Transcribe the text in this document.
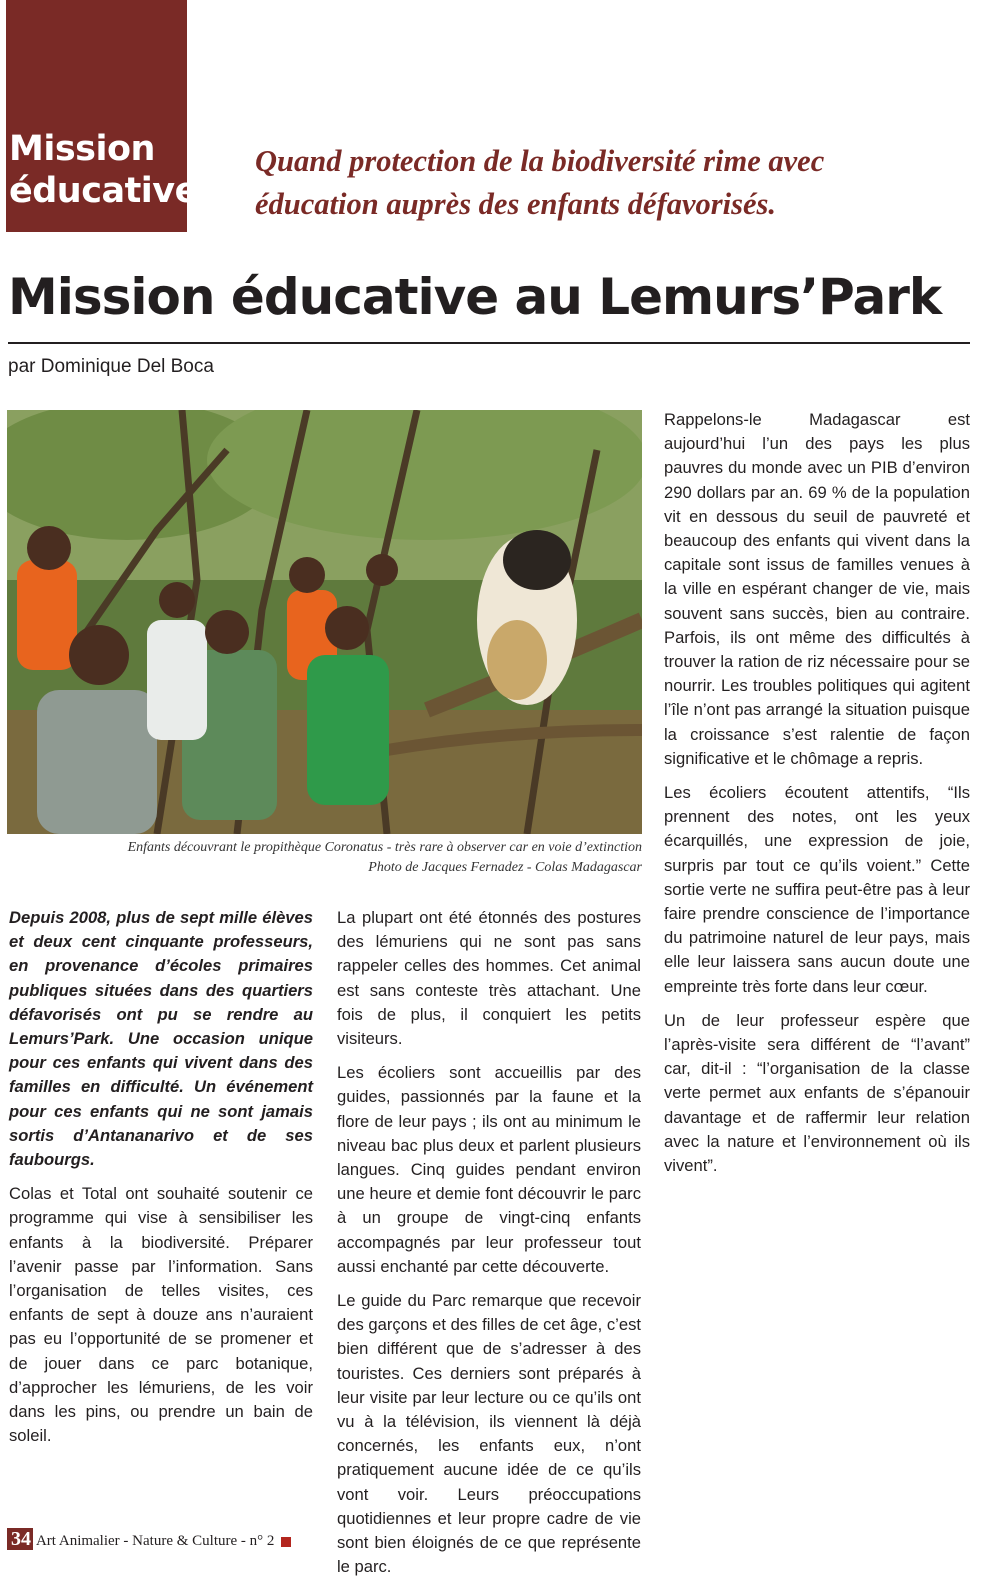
Mission
éducative
Quand protection de la biodiversité rime avec
éducation auprès des enfants défavorisés.
Mission éducative au Lemurs’Park
par Dominique Del Boca
Enfants découvrant le propithèque Coronatus - très rare à observer car en voie d’extinction
Photo de Jacques Fernadez - Colas Madagascar

Depuis 2008, plus de sept mille élèves et deux cent cinquante professeurs, en provenance d’écoles primaires publiques situées dans des quartiers défavorisés ont pu se rendre au Lemurs’Park. Une occasion unique pour ces enfants qui vivent dans des familles en difficulté. Un événement pour ces enfants qui ne sont jamais sortis d’Antananarivo et de ses faubourgs.

Colas et Total ont souhaité soutenir ce programme qui vise à sensibiliser les enfants à la biodiversité. Préparer l’avenir passe par l’information. Sans l’organisation de telles visites, ces enfants de sept à douze ans n’auraient pas eu l’opportunité de se promener et de jouer dans ce parc botanique, d’approcher les lémuriens, de les voir dans les pins, ou prendre un bain de soleil.

La plupart ont été étonnés des postures des lémuriens qui ne sont pas sans rappeler celles des hommes. Cet animal est sans conteste très attachant. Une fois de plus, il conquiert les petits visiteurs.

Les écoliers sont accueillis par des guides, passionnés par la faune et la flore de leur pays ; ils ont au minimum le niveau bac plus deux et parlent plusieurs langues. Cinq guides pendant environ une heure et demie font découvrir le parc à un groupe de vingt-cinq enfants accompagnés par leur professeur tout aussi enchanté par cette découverte.

Le guide du Parc remarque que recevoir des garçons et des filles de cet âge, c’est bien différent que de s’adresser à des touristes. Ces derniers sont préparés à leur visite par leur lecture ou ce qu’ils ont vu à la télévision, ils viennent là déjà concernés, les enfants eux, n’ont pratiquement aucune idée de ce qu’ils vont voir. Leurs préoccupations quotidiennes et leur propre cadre de vie sont bien éloignés de ce que représente le parc.

Rappelons-le Madagascar est aujourd’hui l’un des pays les plus pauvres du monde avec un PIB d’environ 290 dollars par an. 69 % de la population vit en dessous du seuil de pauvreté et beaucoup des enfants qui vivent dans la capitale sont issus de familles venues à la ville en espérant changer de vie, mais souvent sans succès, bien au contraire. Parfois, ils ont même des difficultés à trouver la ration de riz nécessaire pour se nourrir. Les troubles politiques qui agitent l’île n’ont pas arrangé la situation puisque la croissance s’est ralentie de façon significative et le chômage a repris.

Les écoliers écoutent attentifs, “Ils prennent des notes, ont les yeux écarquillés, une expression de joie, surpris par tout ce qu’ils voient.” Cette sortie verte ne suffira peut-être pas à leur faire prendre conscience de l’importance du patrimoine naturel de leur pays, mais elle leur laissera sans aucun doute une empreinte très forte dans leur cœur.

Un de leur professeur espère que l’après-visite sera différent de “l’avant” car, dit-il : “l’organisation de la classe verte permet aux enfants de s’épanouir davantage et de raffermir leur relation avec la nature et l’environnement où ils vivent”.

34 Art Animalier - Nature & Culture - n° 2
